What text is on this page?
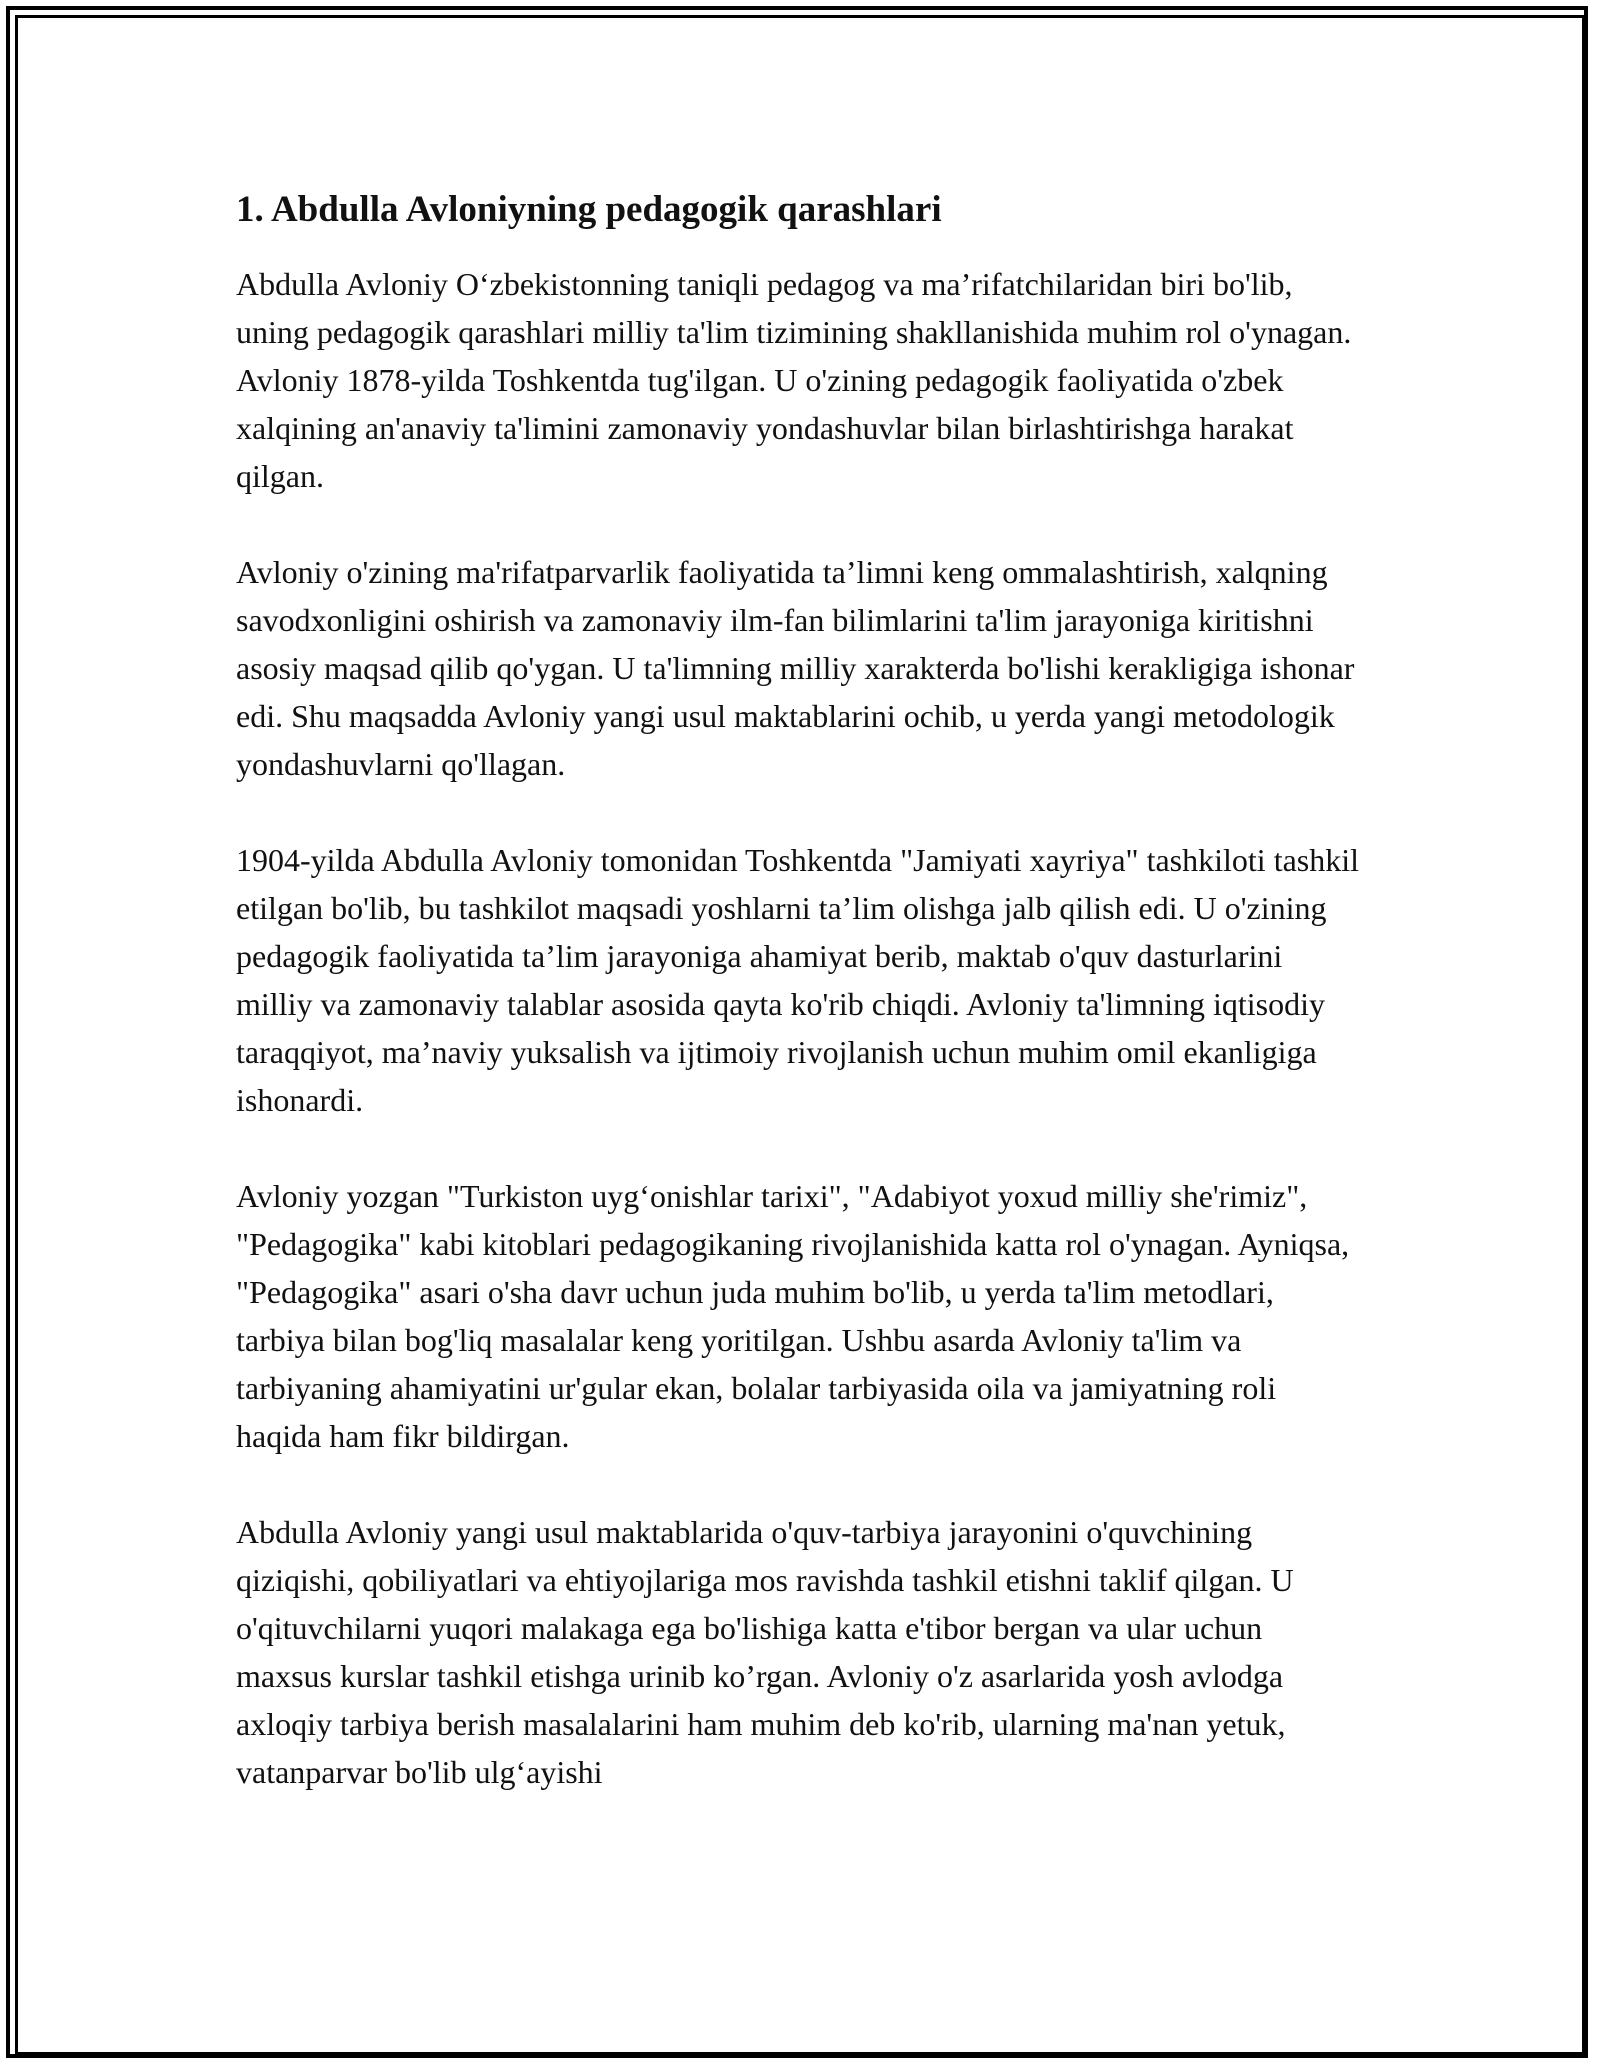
1. Abdulla Avloniyning pedagogik qarashlari

Abdulla Avloniy O‘zbekistonning taniqli pedagog va ma’rifatchilaridan biri bo'lib, uning pedagogik qarashlari milliy ta'lim tizimining shakllanishida muhim rol o'ynagan. Avloniy 1878-yilda Toshkentda tug'ilgan. U o'zining pedagogik faoliyatida o'zbek xalqining an'anaviy ta'limini zamonaviy yondashuvlar bilan birlashtirishga harakat qilgan.

Avloniy o'zining ma'rifatparvarlik faoliyatida ta’limni keng ommalashtirish, xalqning savodxonligini oshirish va zamonaviy ilm-fan bilimlarini ta'lim jarayoniga kiritishni asosiy maqsad qilib qo'ygan. U ta'limning milliy xarakterda bo'lishi kerakligiga ishonar edi. Shu maqsadda Avloniy yangi usul maktablarini ochib, u yerda yangi metodologik yondashuvlarni qo'llagan.

1904-yilda Abdulla Avloniy tomonidan Toshkentda "Jamiyati xayriya" tashkiloti tashkil etilgan bo'lib, bu tashkilot maqsadi yoshlarni ta’lim olishga jalb qilish edi. U o'zining pedagogik faoliyatida ta’lim jarayoniga ahamiyat berib, maktab o'quv dasturlarini milliy va zamonaviy talablar asosida qayta ko'rib chiqdi. Avloniy ta'limning iqtisodiy taraqqiyot, ma’naviy yuksalish va ijtimoiy rivojlanish uchun muhim omil ekanligiga ishonardi.

Avloniy yozgan "Turkiston uyg‘onishlar tarixi", "Adabiyot yoxud milliy she'rimiz", "Pedagogika" kabi kitoblari pedagogikaning rivojlanishida katta rol o'ynagan. Ayniqsa, "Pedagogika" asari o'sha davr uchun juda muhim bo'lib, u yerda ta'lim metodlari, tarbiya bilan bog'liq masalalar keng yoritilgan. Ushbu asarda Avloniy ta'lim va tarbiyaning ahamiyatini ur'gular ekan, bolalar tarbiyasida oila va jamiyatning roli haqida ham fikr bildirgan.

Abdulla Avloniy yangi usul maktablarida o'quv-tarbiya jarayonini o'quvchining qiziqishi, qobiliyatlari va ehtiyojlariga mos ravishda tashkil etishni taklif qilgan. U o'qituvchilarni yuqori malakaga ega bo'lishiga katta e'tibor bergan va ular uchun maxsus kurslar tashkil etishga urinib ko’rgan. Avloniy o'z asarlarida yosh avlodga axloqiy tarbiya berish masalalarini ham muhim deb ko'rib, ularning ma'nan yetuk, vatanparvar bo'lib ulg‘ayishi
